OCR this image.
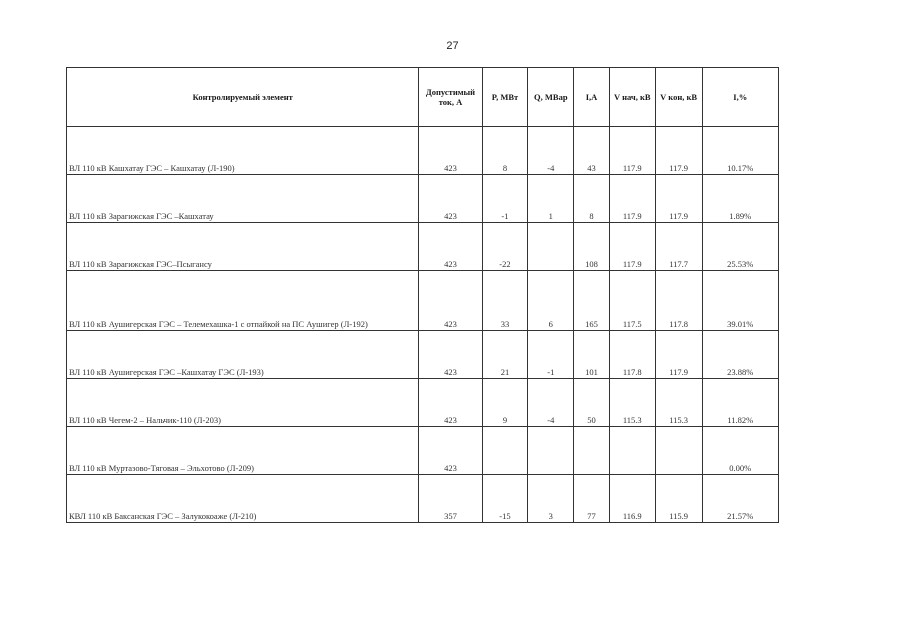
27
Контролируемый элемент	Допустимый ток, А	P, МВт	Q, МВар	I,A	V нач, кВ	V кон, кВ	I,%
ВЛ 110 кВ Кашхатау ГЭС – Кашхатау (Л-190)	423	8	-4	43	117.9	117.9	10.17%
ВЛ 110 кВ Зарагижская ГЭС –Кашхатау	423	-1	1	8	117.9	117.9	1.89%
ВЛ 110 кВ Зарагижская ГЭС–Псыгансу	423	-22		108	117.9	117.7	25.53%
ВЛ 110 кВ Аушигерская ГЭС – Телемехашка-1 с отпайкой на ПС Аушигер (Л-192)	423	33	6	165	117.5	117.8	39.01%
ВЛ 110 кВ Аушигерская ГЭС –Кашхатау ГЭС (Л-193)	423	21	-1	101	117.8	117.9	23.88%
ВЛ 110 кВ Чегем-2 – Нальчик-110 (Л-203)	423	9	-4	50	115.3	115.3	11.82%
ВЛ 110 кВ Муртазово-Тяговая – Эльхотово (Л-209)	423						0.00%
КВЛ 110 кВ Баксанская ГЭС – Залукокоаже (Л-210)	357	-15	3	77	116.9	115.9	21.57%
